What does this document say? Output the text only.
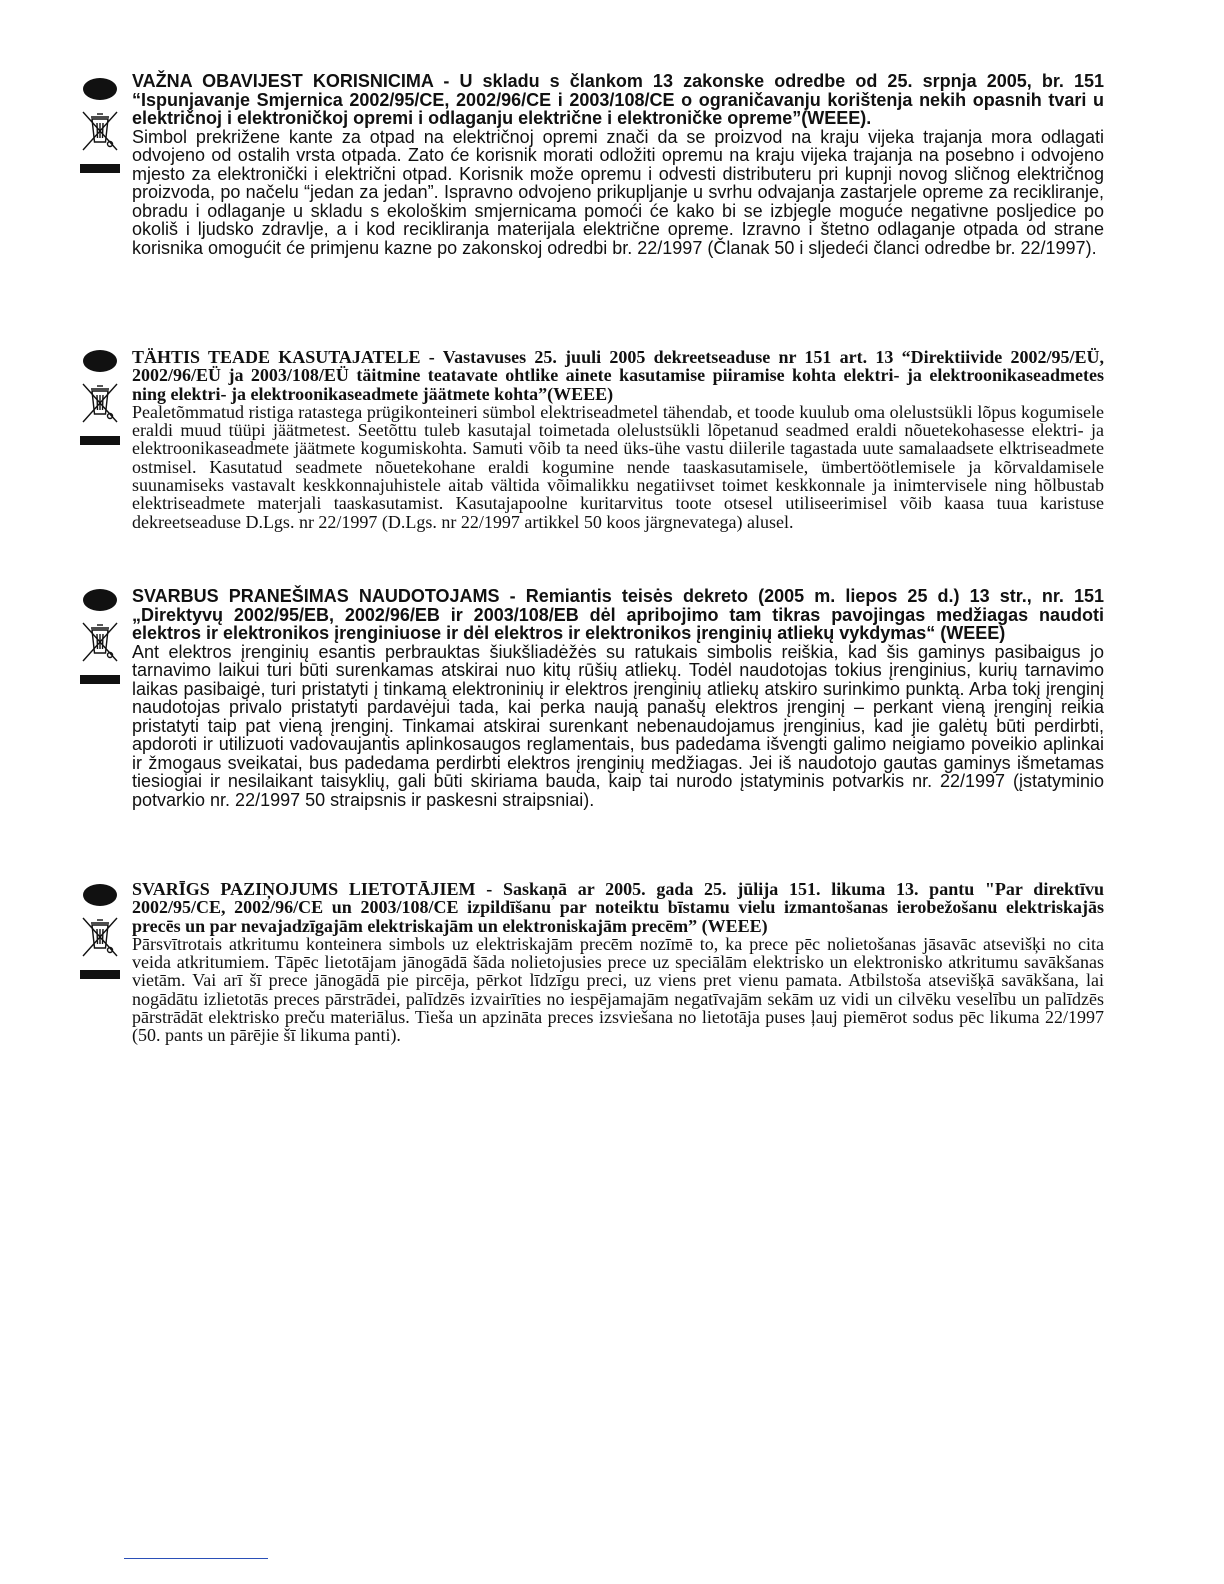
VAŽNA OBAVIJEST KORISNICIMA - U skladu s člankom 13 zakonske odredbe od 25. srpnja 2005, br. 151 “Ispunjavanje Smjernica 2002/95/CE, 2002/96/CE i 2003/108/CE o ograničavanju korištenja nekih opasnih tvari u električnoj i elektroničkoj opremi i odlaganju električne i elektroničke opreme”(WEEE).
Simbol prekrižene kante za otpad na električnoj opremi znači da se proizvod na kraju vijeka trajanja mora odlagati odvojeno od ostalih vrsta otpada. Zato će korisnik morati odložiti opremu na kraju vijeka trajanja na posebno i odvojeno mjesto za elektronički i električni otpad. Korisnik može opremu i odvesti distributeru pri kupnji novog sličnog električnog proizvoda, po načelu “jedan za jedan”. Ispravno odvojeno prikupljanje u svrhu odvajanja zastarjele opreme za recikliranje, obradu i odlaganje u skladu s ekološkim smjernicama pomoći će kako bi se izbjegle moguće negativne posljedice po okoliš i ljudsko zdravlje, a i kod recikliranja materijala električne opreme. Izravno i štetno odlaganje otpada od strane korisnika omogućit će primjenu kazne po zakonskoj odredbi br. 22/1997 (Članak 50 i sljedeći članci odredbe br. 22/1997).
TÄHTIS TEADE KASUTAJATELE - Vastavuses 25. juuli 2005 dekreetseaduse nr 151 art. 13 “Direktiivide 2002/95/EÜ, 2002/96/EÜ ja 2003/108/EÜ täitmine teatavate ohtlike ainete kasutamise piiramise kohta elektri- ja elektroonikaseadmetes ning elektri- ja elektroonikaseadmete jäätmete kohta”(WEEE)
Pealetõmmatud ristiga ratastega prügikonteineri sümbol elektriseadmetel tähendab, et toode kuulub oma olelustsükli lõpus kogumisele eraldi muud tüüpi jäätmetest. Seetõttu tuleb kasutajal toimetada olelustsükli lõpetanud seadmed eraldi nõuetekohasesse elektri- ja elektroonikaseadmete jäätmete kogumiskohta. Samuti võib ta need üks-ühe vastu diilerile tagastada uute samalaadsete elktriseadmete ostmisel. Kasutatud seadmete nõuetekohane eraldi kogumine nende taaskasutamisele, ümbertöötlemisele ja kõrvaldamisele suunamiseks vastavalt keskkonnajuhistele aitab vältida võimalikku negatiivset toimet keskkonnale ja inimtervisele ning hõlbustab elektriseadmete materjali taaskasutamist. Kasutajapoolne kuritarvitus toote otsesel utiliseerimisel võib kaasa tuua karistuse dekreetseaduse D.Lgs. nr 22/1997 (D.Lgs. nr 22/1997 artikkel 50 koos järgnevatega) alusel.
SVARBUS PRANEŠIMAS NAUDOTOJAMS - Remiantis teisės dekreto (2005 m. liepos 25 d.) 13 str., nr. 151 „Direktyvų 2002/95/EB, 2002/96/EB ir 2003/108/EB dėl apribojimo tam tikras pavojingas medžiagas naudoti elektros ir elektronikos įrenginiuose ir dėl elektros ir elektronikos įrenginių atliekų vykdymas“ (WEEE)
Ant elektros įrenginių esantis perbrauktas šiukšliadėžės su ratukais simbolis reiškia, kad šis gaminys pasibaigus jo tarnavimo laikui turi būti surenkamas atskirai nuo kitų rūšių atliekų. Todėl naudotojas tokius įrenginius, kurių tarnavimo laikas pasibaigė, turi pristatyti į tinkamą elektroninių ir elektros įrenginių atliekų atskiro surinkimo punktą. Arba tokį įrenginį naudotojas privalo pristatyti pardavėjui tada, kai perka naują panašų elektros įrenginį – perkant vieną įrenginį reikia pristatyti taip pat vieną įrenginį. Tinkamai atskirai surenkant nebenaudojamus įrenginius, kad jie galėtų būti perdirbti, apdoroti ir utilizuoti vadovaujantis aplinkosaugos reglamentais, bus padedama išvengti galimo neigiamo poveikio aplinkai ir žmogaus sveikatai, bus padedama perdirbti elektros įrenginių medžiagas. Jei iš naudotojo gautas gaminys išmetamas tiesiogiai ir nesilaikant taisyklių, gali būti skiriama bauda, kaip tai nurodo įstatyminis potvarkis nr. 22/1997 (įstatyminio potvarkio nr. 22/1997 50 straipsnis ir paskesni straipsniai).
SVARĪGS PAZIŅOJUMS LIETOTĀJIEM - Saskaņā ar 2005. gada 25. jūlija 151. likuma 13. pantu "Par direktīvu 2002/95/CE, 2002/96/CE un 2003/108/CE izpildīšanu par noteiktu bīstamu vielu izmantošanas ierobežošanu elektriskajās precēs un par nevajadzīgajām elektriskajām un elektroniskajām precēm” (WEEE)
Pārsvītrotais atkritumu konteinera simbols uz elektriskajām precēm nozīmē to, ka prece pēc nolietošanas jāsavāc atsevišķi no cita veida atkritumiem. Tāpēc lietotājam jānogādā šāda nolietojusies prece uz speciālām elektrisko un elektronisko atkritumu savākšanas vietām. Vai arī šī prece jānogādā pie pircēja, pērkot līdzīgu preci, uz viens pret vienu pamata. Atbilstoša atsevišķā savākšana, lai nogādātu izlietotās preces pārstrādei, palīdzēs izvairīties no iespējamajām negatīvajām sekām uz vidi un cilvēku veselību un palīdzēs pārstrādāt elektrisko preču materiālus. Tieša un apzināta preces izsviešana no lietotāja puses ļauj piemērot sodus pēc likuma 22/1997 (50. pants un pārējie šī likuma panti).
